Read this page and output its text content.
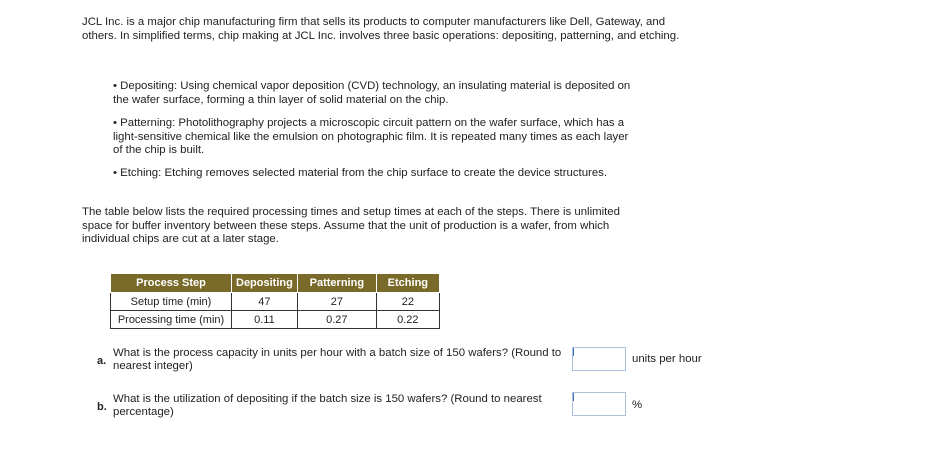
JCL Inc. is a major chip manufacturing firm that sells its products to computer manufacturers like Dell, Gateway, and others. In simplified terms, chip making at JCL Inc. involves three basic operations: depositing, patterning, and etching.

• Depositing: Using chemical vapor deposition (CVD) technology, an insulating material is deposited on the wafer surface, forming a thin layer of solid material on the chip.

• Patterning: Photolithography projects a microscopic circuit pattern on the wafer surface, which has a light-sensitive chemical like the emulsion on photographic film. It is repeated many times as each layer of the chip is built.

• Etching: Etching removes selected material from the chip surface to create the device structures.

The table below lists the required processing times and setup times at each of the steps. There is unlimited space for buffer inventory between these steps. Assume that the unit of production is a wafer, from which individual chips are cut at a later stage.

Process Step	Depositing	Patterning	Etching
Setup time (min)	47	27	22
Processing time (min)	0.11	0.27	0.22
a.
What is the process capacity in units per hour with a batch size of 150 wafers? (Round to nearest integer)
units per hour
b.
What is the utilization of depositing if the batch size is 150 wafers? (Round to nearest percentage)
%
